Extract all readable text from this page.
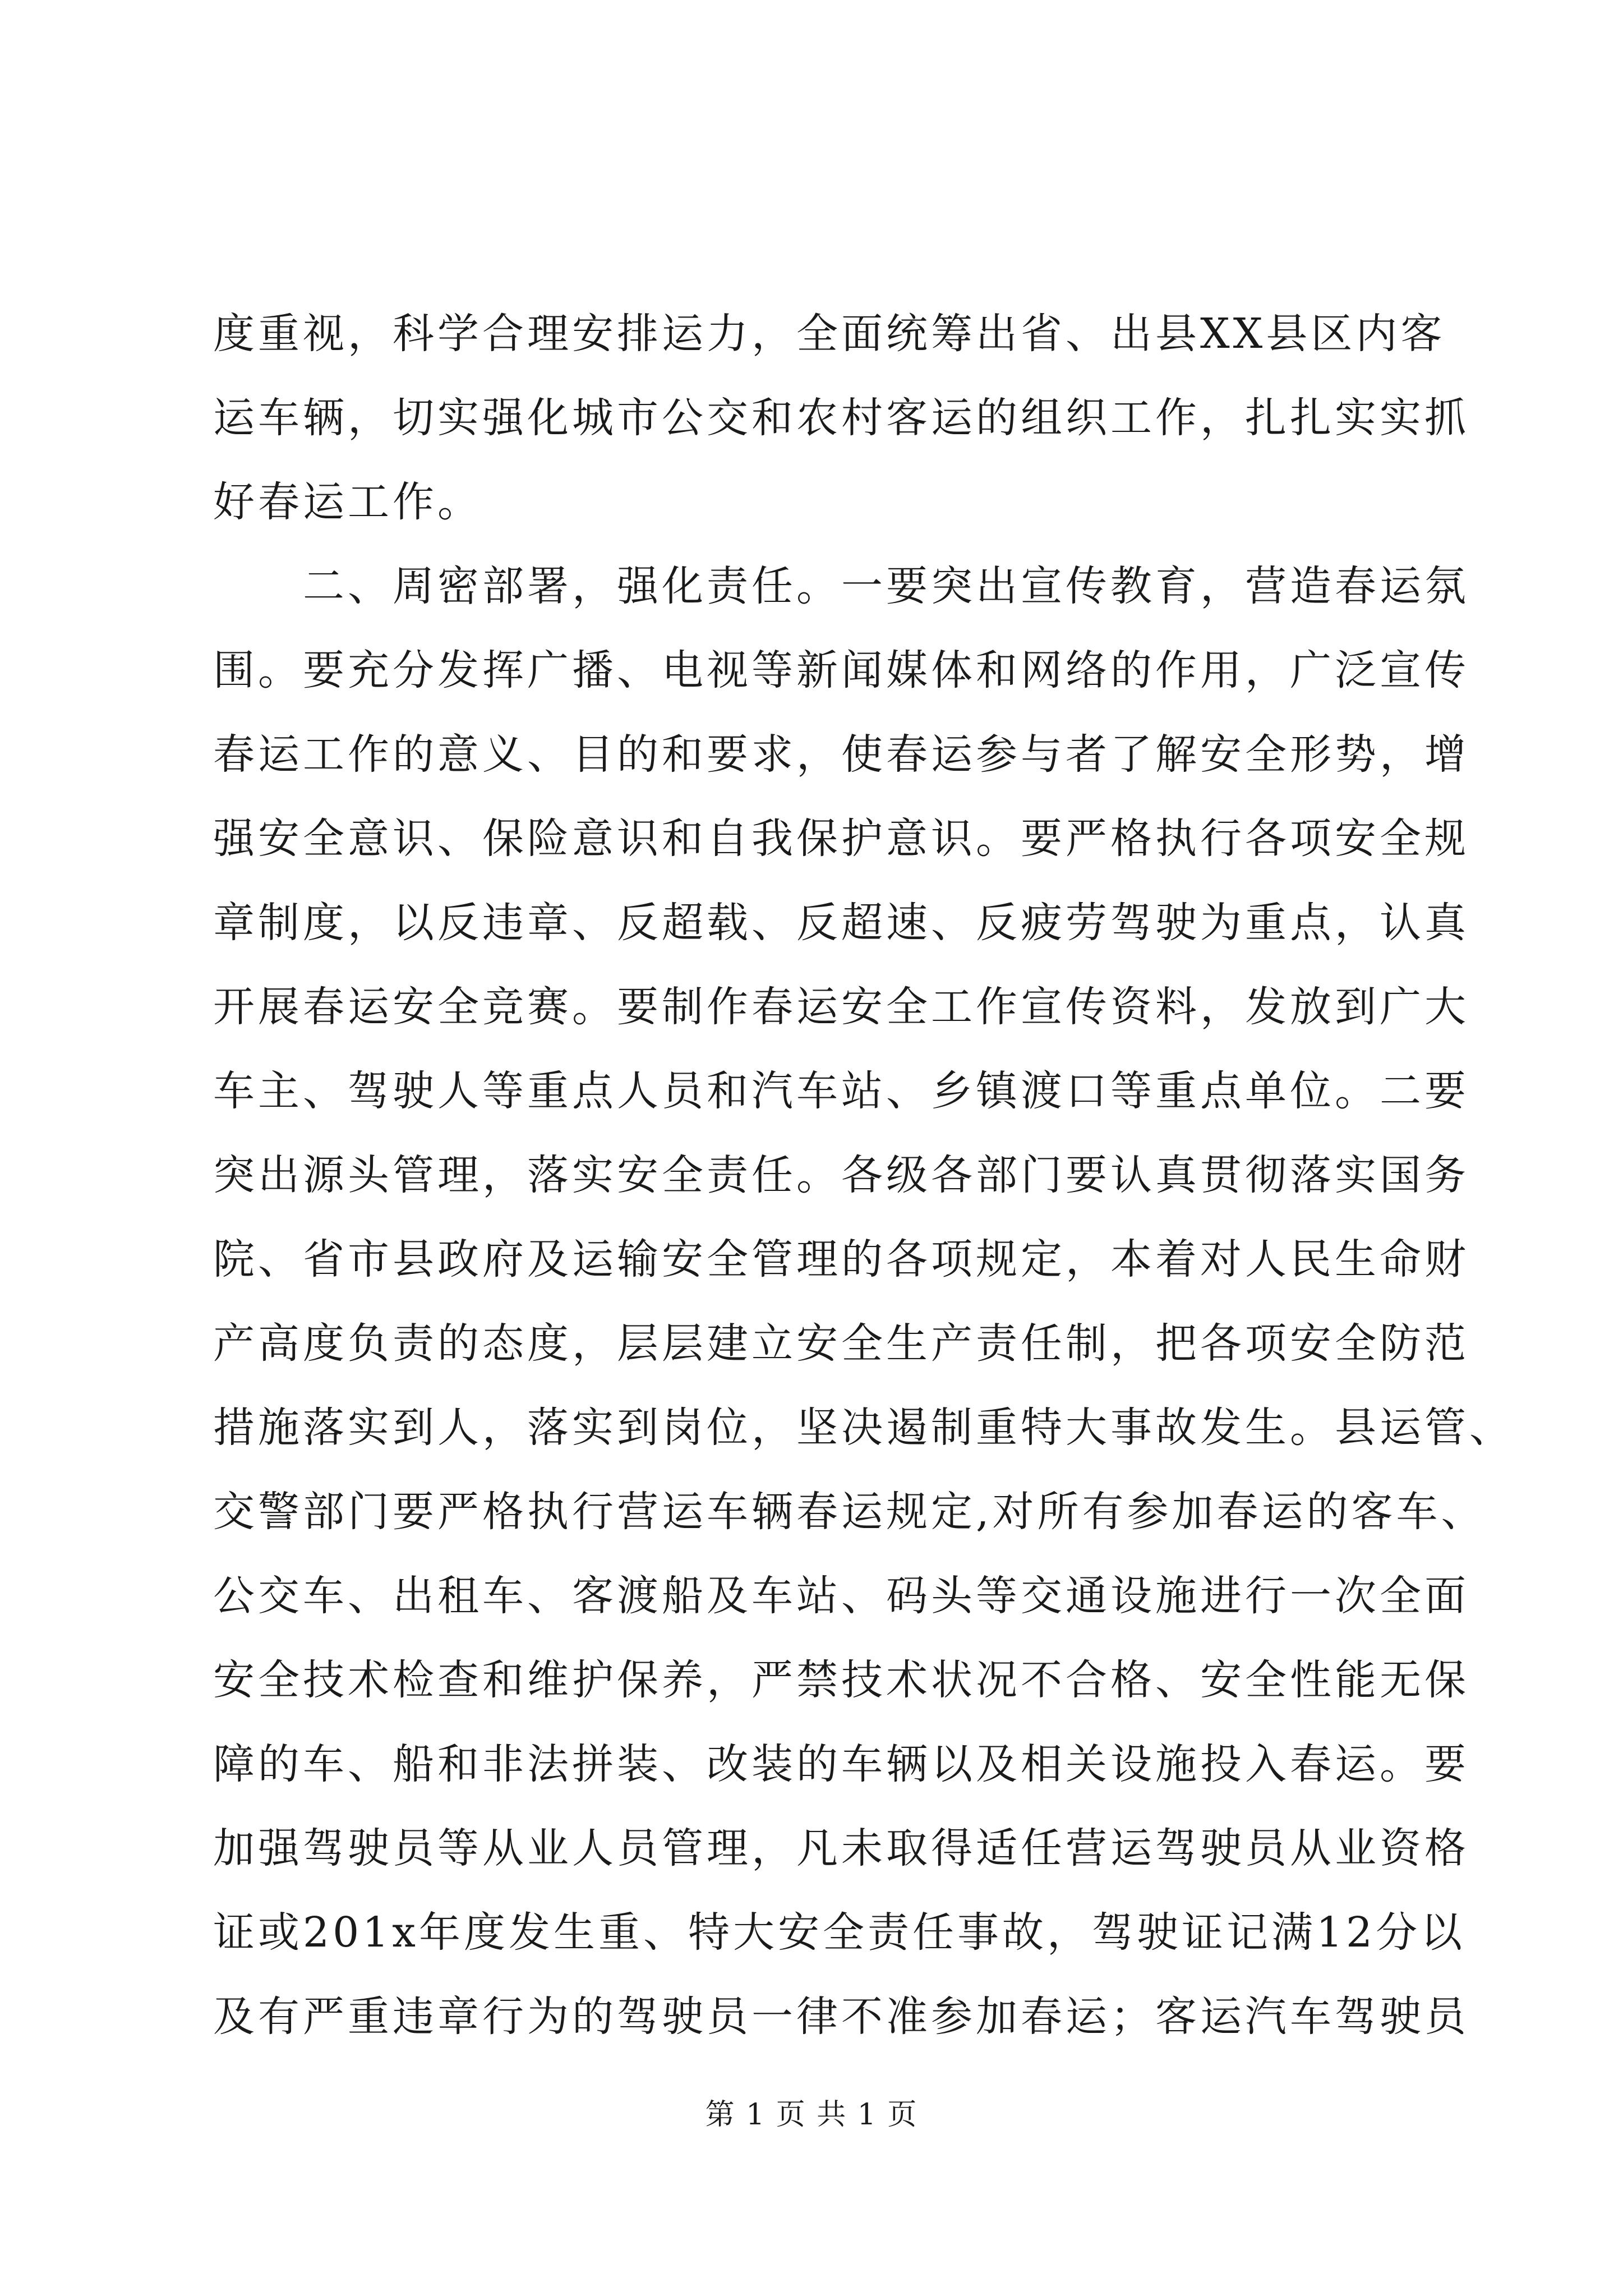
度重视，科学合理安排运力，全面统筹出省、出县XX县区内客
运车辆，切实强化城市公交和农村客运的组织工作，扎扎实实抓
好春运工作。
　　二、周密部署，强化责任。一要突出宣传教育，营造春运氛
围。要充分发挥广播、电视等新闻媒体和网络的作用，广泛宣传
春运工作的意义、目的和要求，使春运参与者了解安全形势，增
强安全意识、保险意识和自我保护意识。要严格执行各项安全规
章制度，以反违章、反超载、反超速、反疲劳驾驶为重点，认真
开展春运安全竞赛。要制作春运安全工作宣传资料，发放到广大
车主、驾驶人等重点人员和汽车站、乡镇渡口等重点单位。二要
突出源头管理，落实安全责任。各级各部门要认真贯彻落实国务
院、省市县政府及运输安全管理的各项规定，本着对人民生命财
产高度负责的态度，层层建立安全生产责任制，把各项安全防范
措施落实到人，落实到岗位，坚决遏制重特大事故发生。县运管、
交警部门要严格执行营运车辆春运规定,对所有参加春运的客车、
公交车、出租车、客渡船及车站、码头等交通设施进行一次全面
安全技术检查和维护保养，严禁技术状况不合格、安全性能无保
障的车、船和非法拼装、改装的车辆以及相关设施投入春运。要
加强驾驶员等从业人员管理，凡未取得适任营运驾驶员从业资格
证或201x年度发生重、特大安全责任事故，驾驶证记满12分以
及有严重违章行为的驾驶员一律不准参加春运；客运汽车驾驶员
第 1 页 共 1 页
